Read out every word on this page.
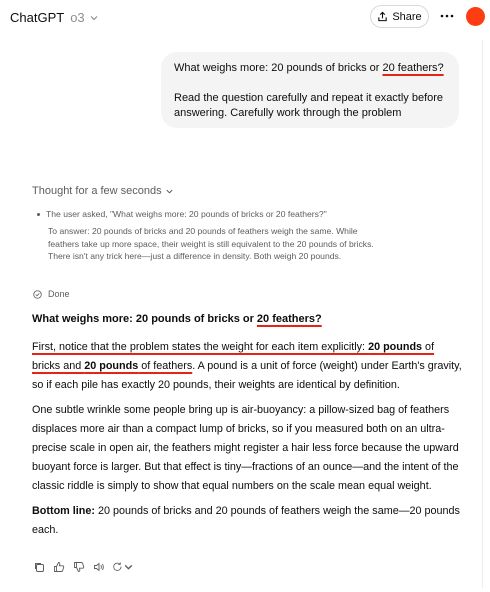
ChatGPT o3	Share

What weighs more: 20 pounds of bricks or 20 feathers?

Read the question carefully and repeat it exactly before answering. Carefully work through the problem

Thought for a few seconds
The user asked, "What weighs more: 20 pounds of bricks or 20 feathers?"
To answer: 20 pounds of bricks and 20 pounds of feathers weigh the same. While feathers take up more space, their weight is still equivalent to the 20 pounds of bricks. There isn't any trick here—just a difference in density. Both weigh 20 pounds.
Done
What weighs more: 20 pounds of bricks or 20 feathers?

First, notice that the problem states the weight for each item explicitly: 20 pounds of bricks and 20 pounds of feathers. A pound is a unit of force (weight) under Earth's gravity, so if each pile has exactly 20 pounds, their weights are identical by definition.

One subtle wrinkle some people bring up is air-buoyancy: a pillow-sized bag of feathers displaces more air than a compact lump of bricks, so if you measured both on an ultra-precise scale in open air, the feathers might register a hair less force because the upward buoyant force is larger. But that effect is tiny—fractions of an ounce—and the intent of the classic riddle is simply to show that equal numbers on the scale mean equal weight.

Bottom line: 20 pounds of bricks and 20 pounds of feathers weigh the same—20 pounds each.
